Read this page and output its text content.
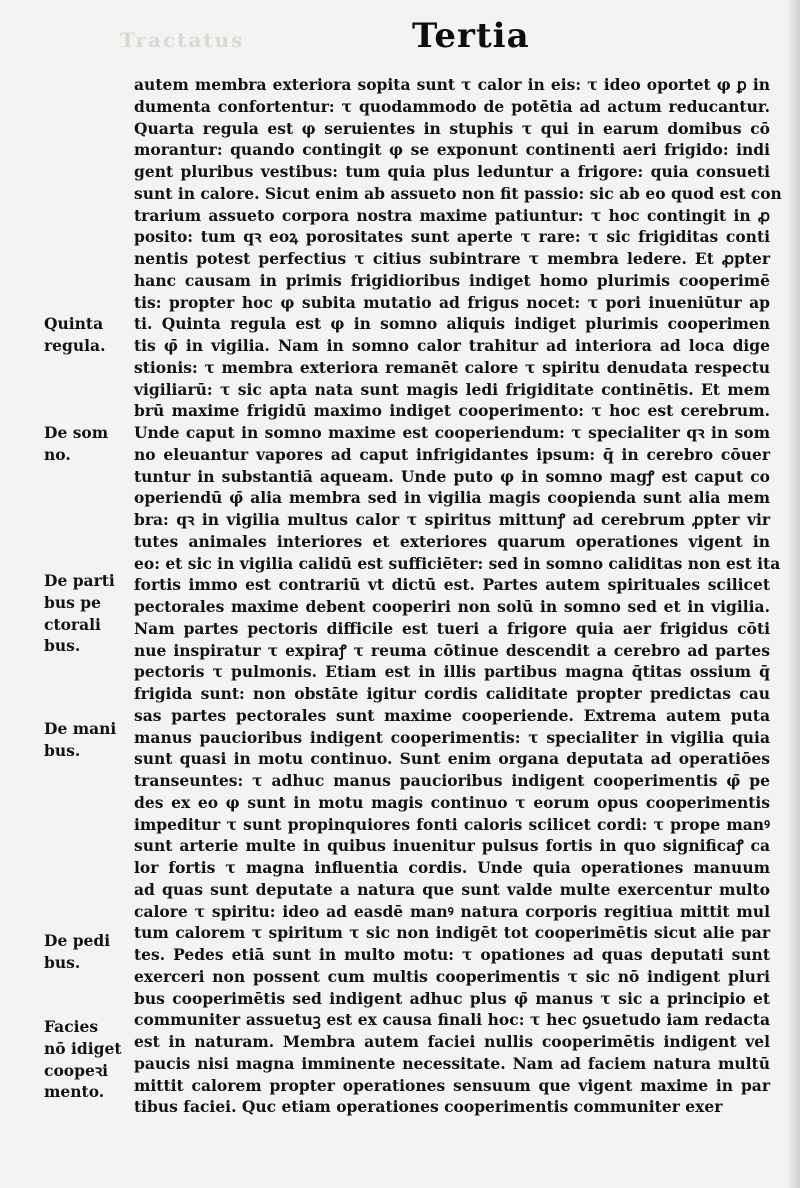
Tractatus	Tertia
autem membra exteriora sopita sunt τ calor in eis: τ ideo oportet φ ꝑ in
dumenta confortentur: τ quodammodo de potētia ad actum reducantur.
Quarta regula est φ seruientes in stuphis τ qui in earum domibus cō
morantur: quando contingit φ se exponunt continenti aeri frigido: indi
gent pluribus vestibus: tum quia plus leduntur a frigore: quia consueti
sunt in calore. Sicut enim ab assueto non fit passio: sic ab eo quod est con
trarium assueto corpora nostra maxime patiuntur: τ hoc contingit in ꝓ
posito: tum qꝛ eoꝝ porositates sunt aperte τ rare: τ sic frigiditas conti
nentis potest perfectius τ citius subintrare τ membra ledere. Et ꝓpter
hanc causam in primis frigidioribus indiget homo plurimis cooperimē
tis: propter hoc φ subita mutatio ad frigus nocet: τ pori inueniūtur ap
ti. Quinta regula est φ in somno aliquis indiget plurimis cooperimen
tis φ̄ in vigilia. Nam in somno calor trahitur ad interiora ad loca dige
stionis: τ membra exteriora remanēt calore τ spiritu denudata respectu
vigiliarū: τ sic apta nata sunt magis ledi frigiditate continētis. Et mem
brū maxime frigidū maximo indiget cooperimento: τ hoc est cerebrum.
Unde caput in somno maxime est cooperiendum: τ specialiter qꝛ in som
no eleuantur vapores ad caput infrigidantes ipsum: q̄ in cerebro cōuer
tuntur in substantiā aqueam. Unde puto φ in somno magꝭ est caput co
operiendū φ̄ alia membra sed in vigilia magis coopienda sunt alia mem
bra: qꝛ in vigilia multus calor τ spiritus mittunꝭ ad cerebrum ꝓpter vir
tutes animales interiores et exteriores quarum operationes vigent in
eo: et sic in vigilia calidū est sufficiēter: sed in somno caliditas non est ita
fortis immo est contrariū vt dictū est. Partes autem spirituales scilicet
pectorales maxime debent cooperiri non solū in somno sed et in vigilia.
Nam partes pectoris difficile est tueri a frigore quia aer frigidus cōti
nue inspiratur τ expiraꝭ τ reuma cōtinue descendit a cerebro ad partes
pectoris τ pulmonis. Etiam est in illis partibus magna q̄titas ossium q̄
frigida sunt: non obstāte igitur cordis caliditate propter predictas cau
sas partes pectorales sunt maxime cooperiende. Extrema autem puta
manus paucioribus indigent cooperimentis: τ specialiter in vigilia quia
sunt quasi in motu continuo. Sunt enim organa deputata ad operatiōes
transeuntes: τ adhuc manus paucioribus indigent cooperimentis φ̄ pe
des ex eo φ sunt in motu magis continuo τ eorum opus cooperimentis
impeditur τ sunt propinquiores fonti caloris scilicet cordi: τ prope manꝰ
sunt arterie multe in quibus inuenitur pulsus fortis in quo significaꝭ ca
lor fortis τ magna influentia cordis. Unde quia operationes manuum
ad quas sunt deputate a natura que sunt valde multe exercentur multo
calore τ spiritu: ideo ad easdē manꝰ natura corporis regitiua mittit mul
tum calorem τ spiritum τ sic non indigēt tot cooperimētis sicut alie par
tes. Pedes etiā sunt in multo motu: τ opationes ad quas deputati sunt
exerceri non possent cum multis cooperimentis τ sic nō indigent pluri
bus cooperimētis sed indigent adhuc plus φ̄ manus τ sic a principio et
communiter assuetuꝫ est ex causa finali hoc: τ hec ꝯsuetudo iam redacta
est in naturam. Membra autem faciei nullis cooperimētis indigent vel
paucis nisi magna imminente necessitate. Nam ad faciem natura multū
mittit calorem propter operationes sensuum que vigent maxime in par
tibus faciei. Quc etiam operationes cooperimentis communiter exer
Quinta
regula.
De som
no.
De parti
bus pe
ctorali
bus.
De mani
bus.
De pedi
bus.
Facies
nō idiget
coopeꝛi
mento.
